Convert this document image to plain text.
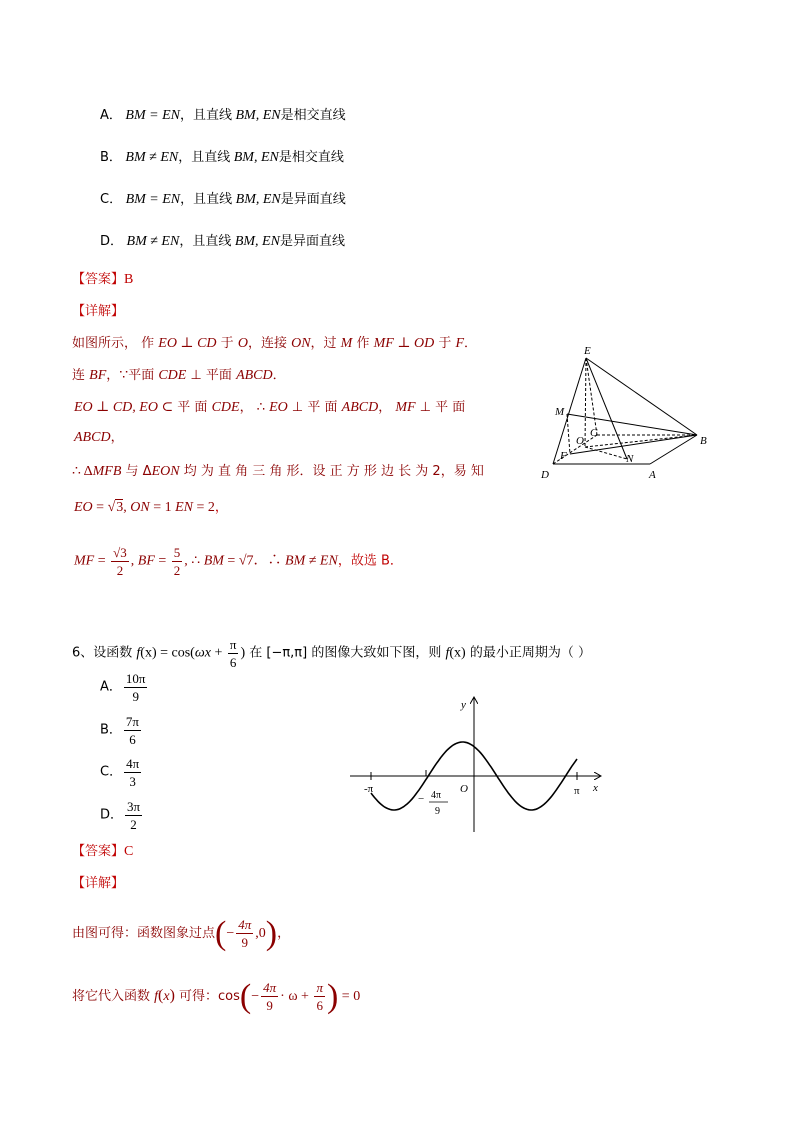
A． BM = EN，且直线 BM, EN是相交直线
B． BM ≠ EN，且直线 BM, EN是相交直线
C． BM = EN，且直线 BM, EN是异面直线
D． BM ≠ EN，且直线 BM, EN是异面直线
【答案】B
【详解】
如图所示， 作 EO ⊥ CD 于 O，连接 ON，过 M 作 MF ⊥ OD 于 F．
连 BF，∵平面 CDE ⊥ 平面 ABCD．
EO ⊥ CD, EO ⊂ 平 面 CDE， ∴ EO ⊥ 平 面 ABCD， MF ⊥ 平 面
ABCD，
∴ ΔMFB 与 ΔEON 均 为 直 角 三 角 形．设 正 方 形 边 长 为 2，易 知
EO = √3, ON = 1 EN = 2，
MF = $\frac{√3}{2}$ , BF = $\frac{5}{2}$ , ∴ BM = √7．∴ BM ≠ EN，故选 B．
E
M
O
C
F	N
D	A
B
6、设函数 $f(x) = \cos(\omega x + \frac{\pi}{6}$ ) 在 [−π,π] 的图像大致如下图，则 f(x) 的最小正周期为（ ）
A． $\frac{10\pi}{9}$
B． $\frac{7\pi}{6}$
C． $\frac{4\pi}{3}$
D． $\frac{3\pi}{2}$
y
x
O
-π	π
− 4π
9
【答案】C
【详解】
由图可得：函数图象过点(− $\frac{4\pi}{9} ,0$)，
将它代入函数 f(x) 可得：$\cos(- \frac{4\pi}{9} \cdot \omega + \frac{\pi}{6}$ ) = 0
